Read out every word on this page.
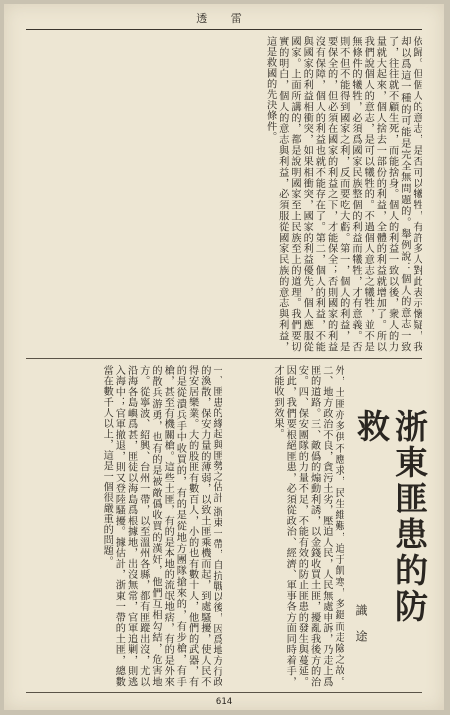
透 雷
依歸。但個人的意志，是否可以犧牲，有許多人對此表示懷疑，我却以爲這一種的可能是完全無問題的。舉例說：個人的意志一致了，往往就不顧生死，而能捨身。個人的利益一致以後，衆人的力量就大起來，個人捨去一部份的利益，全體的利益就增加了。所以我們說個人的意志，是可以犧牲的。不過個人意志之犧牲，並不是無條件的犧牲，必須爲國家民族整個的利益而犧牲，才有意義。否則不但不能得到國家之利，反而要吃大虧。第一，個人的利益，是要保全的，但必須在國家的利益之下，才能保全；否則國家的利益沒有保障，個人的利益也就不能存在了。第二，個人的利益，不能與國家的利益相衝突，如果相衝突，國家的利益優先，個人應服從國家。上面所講的，都是說明國家至上民族至上的道理。我們要切實的明白，個人的意志與利益，必須服從國家民族的意志與利益，這是救國的先決條件。
一、匪患的緣起與匪勢之估計 浙東一帶，自抗戰以後，因爲地方行政的渙散，保安力量的薄弱，以致土匪乘機而起，到處騷擾，使人民不得安居樂業。大的股匪有數百人，小的也有數十人，他們的武器，有的是從潰兵手中收買的，有的是從地方團隊搶來的，有步槍，有手槍，甚至有機關槍。這些土匪，有的是本地的流氓地痞，有的是外來的散兵游勇，也有的是被敵僞收買的漢奸，他們互相勾結，危害地方。從寧波、紹興、台州一帶，以至溫州各縣，都有匪蹤出沒，尤以沿海各島嶼爲甚，匪徒以海島爲根據地，出沒無常，官軍追剿，則逃入海中；官軍撤退，則又登陸騷擾。據估計，浙東一帶的土匪，總數當在數千人以上，這是一個很嚴重的問題。	外，土匪亦多供不應求，民生維艱，迫于飢寒，多鋌而走險之故。二、地方政治不良，貪污土劣，壓迫人民，人民無處申訴，乃走上爲匪的道路。三、敵僞的煽動利誘，以金錢收買土匪，擾亂我後方的治安。四、保安團隊的力量不足，不能有效的防止匪患的發生與蔓延。因此，我們要根絕匪患，必須從政治、經濟、軍事各方面同時着手，才能收到效果。
浙東匪患的防救
識 途
614
